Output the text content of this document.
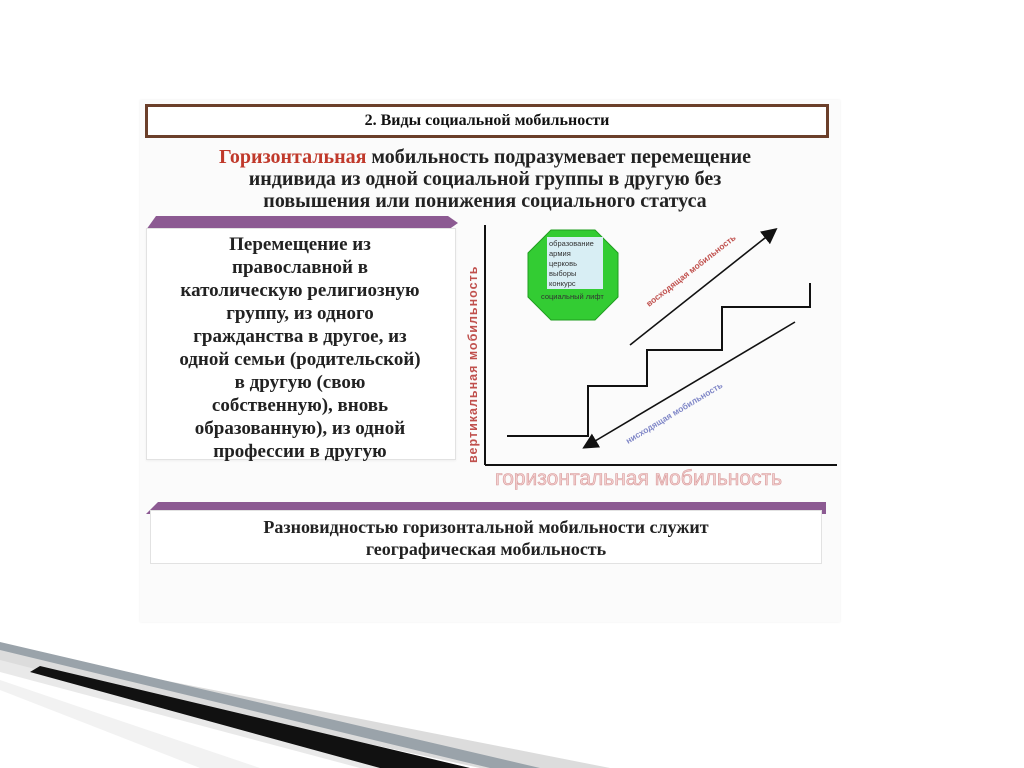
2. Виды социальной мобильности
Горизонтальная мобильность подразумевает перемещение
индивида из одной социальной группы в другую без
повышения или понижения социального статуса
Перемещение из
православной в
католическую религиозную
группу, из одного
гражданства в другое, из
одной семьи (родительской)
в другую (свою
собственную), вновь
образованную), из одной
профессии в другую	вертикальная мобильность
горизонтальная мобильность
образование
армия
церковь
выборы
конкурс
социальный лифт	восходящая мобильность
нисходящая мобильность
Разновидностью горизонтальной мобильности служит
географическая мобильность
